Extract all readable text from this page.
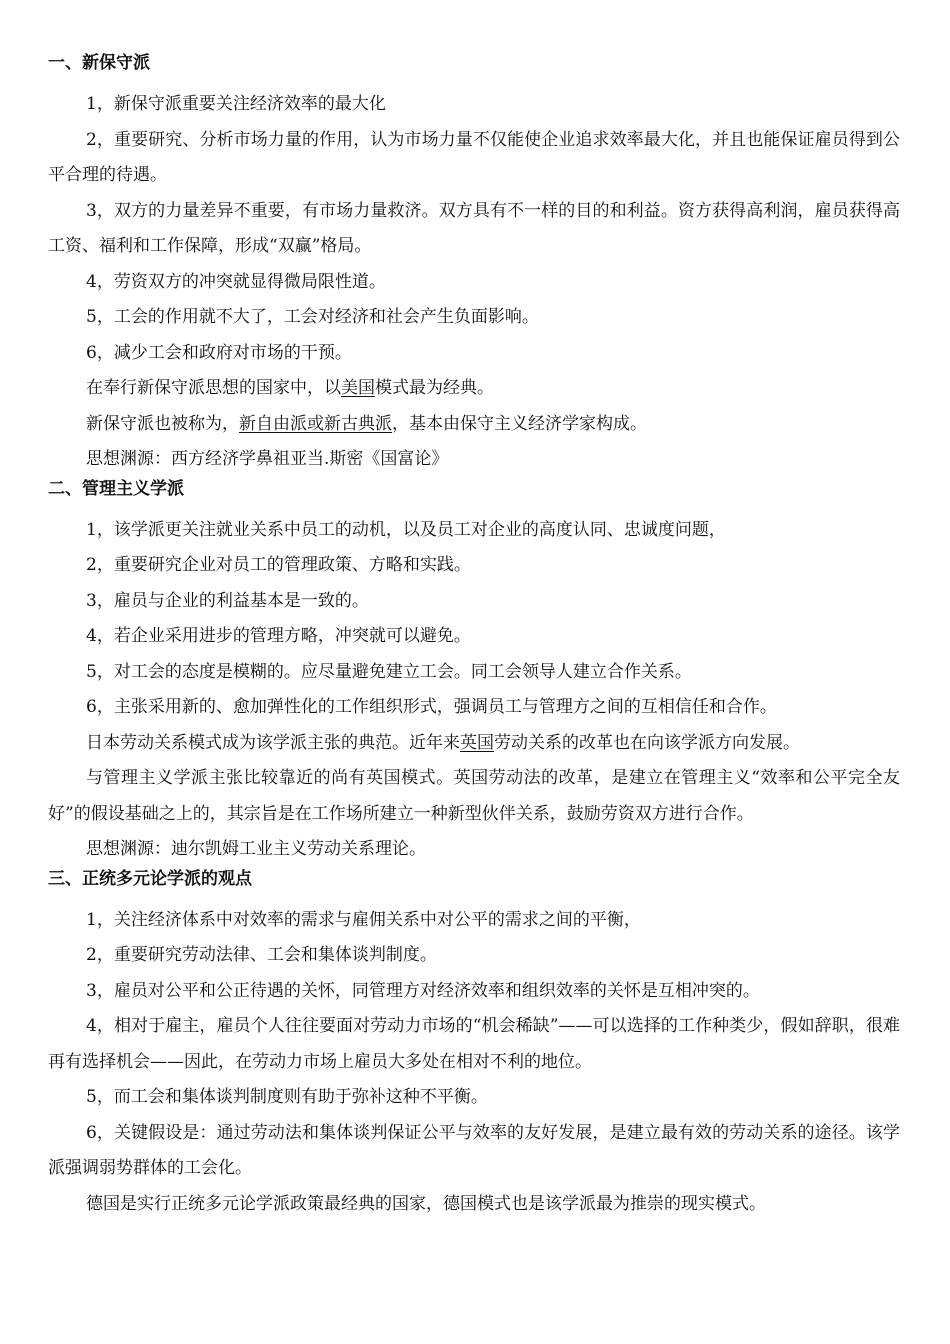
一、新保守派

1，新保守派重要关注经济效率的最大化

2，重要研究、分析市场力量的作用，认为市场力量不仅能使企业追求效率最大化，并且也能保证雇员得到公平合理的待遇。

3，双方的力量差异不重要，有市场力量救济。双方具有不一样的目的和利益。资方获得高利润，雇员获得高工资、福利和工作保障，形成“双赢”格局。

4，劳资双方的冲突就显得微局限性道。

5，工会的作用就不大了，工会对经济和社会产生负面影响。

6，减少工会和政府对市场的干预。

在奉行新保守派思想的国家中，以美国模式最为经典。

新保守派也被称为，新自由派或新古典派，基本由保守主义经济学家构成。

思想渊源：西方经济学鼻祖亚当.斯密《国富论》

二、管理主义学派

1，该学派更关注就业关系中员工的动机，以及员工对企业的高度认同、忠诚度问题，

2，重要研究企业对员工的管理政策、方略和实践。

3，雇员与企业的利益基本是一致的。

4，若企业采用进步的管理方略，冲突就可以避免。

5，对工会的态度是模糊的。应尽量避免建立工会。同工会领导人建立合作关系。

6，主张采用新的、愈加弹性化的工作组织形式，强调员工与管理方之间的互相信任和合作。

日本劳动关系模式成为该学派主张的典范。近年来英国劳动关系的改革也在向该学派方向发展。

与管理主义学派主张比较靠近的尚有英国模式。英国劳动法的改革，是建立在管理主义“效率和公平完全友好”的假设基础之上的，其宗旨是在工作场所建立一种新型伙伴关系，鼓励劳资双方进行合作。

思想渊源：迪尔凯姆工业主义劳动关系理论。

三、正统多元论学派的观点

1，关注经济体系中对效率的需求与雇佣关系中对公平的需求之间的平衡，

2，重要研究劳动法律、工会和集体谈判制度。

3，雇员对公平和公正待遇的关怀，同管理方对经济效率和组织效率的关怀是互相冲突的。

4，相对于雇主，雇员个人往往要面对劳动力市场的“机会稀缺”——可以选择的工作种类少，假如辞职，很难再有选择机会——因此，在劳动力市场上雇员大多处在相对不利的地位。

5，而工会和集体谈判制度则有助于弥补这种不平衡。

6，关键假设是：通过劳动法和集体谈判保证公平与效率的友好发展，是建立最有效的劳动关系的途径。该学派强调弱势群体的工会化。

德国是实行正统多元论学派政策最经典的国家，德国模式也是该学派最为推崇的现实模式。
